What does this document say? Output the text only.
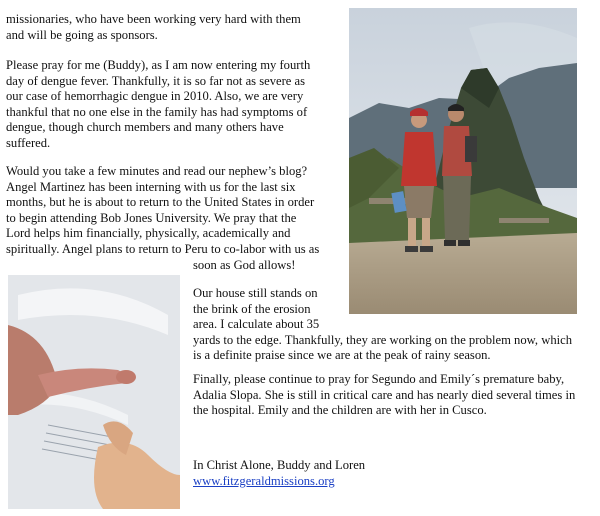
missionaries, who have been working very hard with them
and will be going as sponsors.
Please pray for me (Buddy), as I am now entering my fourth
day of dengue fever. Thankfully, it is so far not as severe as
our case of hemorrhagic dengue in 2010. Also, we are very
thankful that no one else in the family has had symptoms of
dengue, though church members and many others have
suffered.
Would you take a few minutes and read our nephew’s blog?
Angel Martinez has been interning with us for the last six
months, but he is about to return to the United States in order
to begin attending Bob Jones University. We pray that the
Lord helps him financially, physically, academically and
spiritually. Angel plans to return to Peru to co-labor with us as
soon as God allows!
Our house still stands on
the brink of the erosion
area. I calculate about 35
yards to the edge. Thankfully, they are working on the problem now, which
is a definite praise since we are at the peak of rainy season.
Finally, please continue to pray for Segundo and Emily´s premature baby,
Adalia Slopa. She is still in critical care and has nearly died several times in
the hospital. Emily and the children are with her in Cusco.
In Christ Alone, Buddy and Loren
www.fitzgeraldmissions.org
